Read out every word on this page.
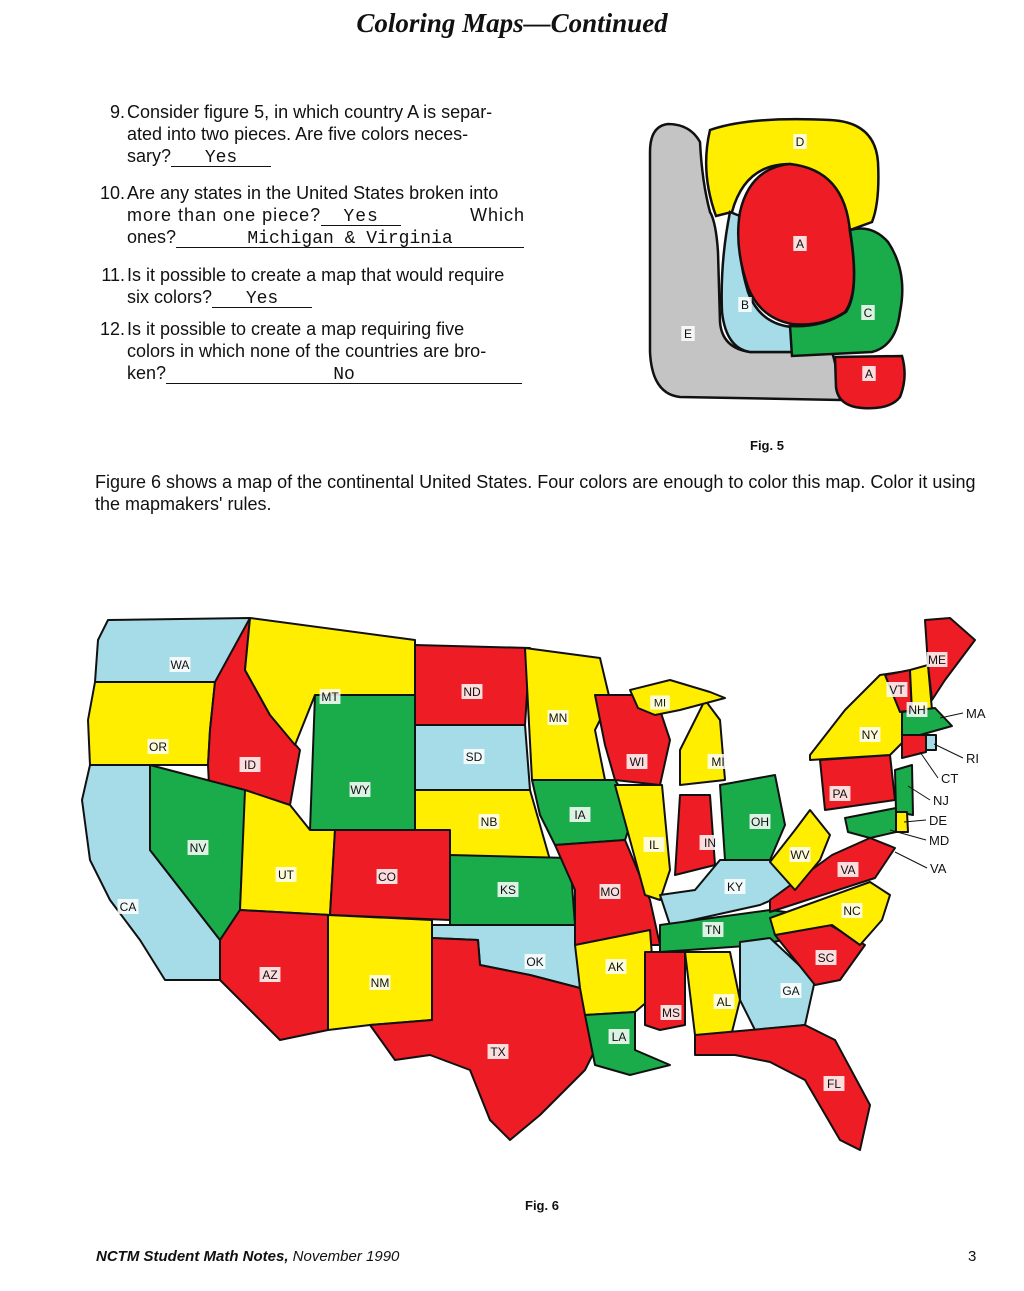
Coloring Maps—Continued
9. Consider figure 5, in which country A is separ-
ated into two pieces. Are five colors neces-
sary? Yes
10. Are any states in the United States broken into
more than one piece? Yes	Which
ones?	Michigan & Virginia
11. Is it possible to create a map that would require
six colors? Yes
12. Is it possible to create a map requiring five
colors in which none of the countries are bro-
ken?	No
D
A
B
C
E
A
Fig. 5
Figure 6 shows a map of the continental United States. Four colors are enough to color this map. Color it using the mapmakers' rules.
WA
OR
CA
ID
NV
MT
WY
UT
AZ
CO
NM
ND
SD
NB
KS
OK
TX
MN
IA
MO
AK
LA
WI
IL
MI
IN
OH
KY
TN
MS
AL
GA
FL
SC
NC
VA
WV
PA
NY
VT
NH
ME
MI
MA
RI
CT
NJ
DE
MD
VA
Fig. 6
NCTM Student Math Notes, November 1990	3
